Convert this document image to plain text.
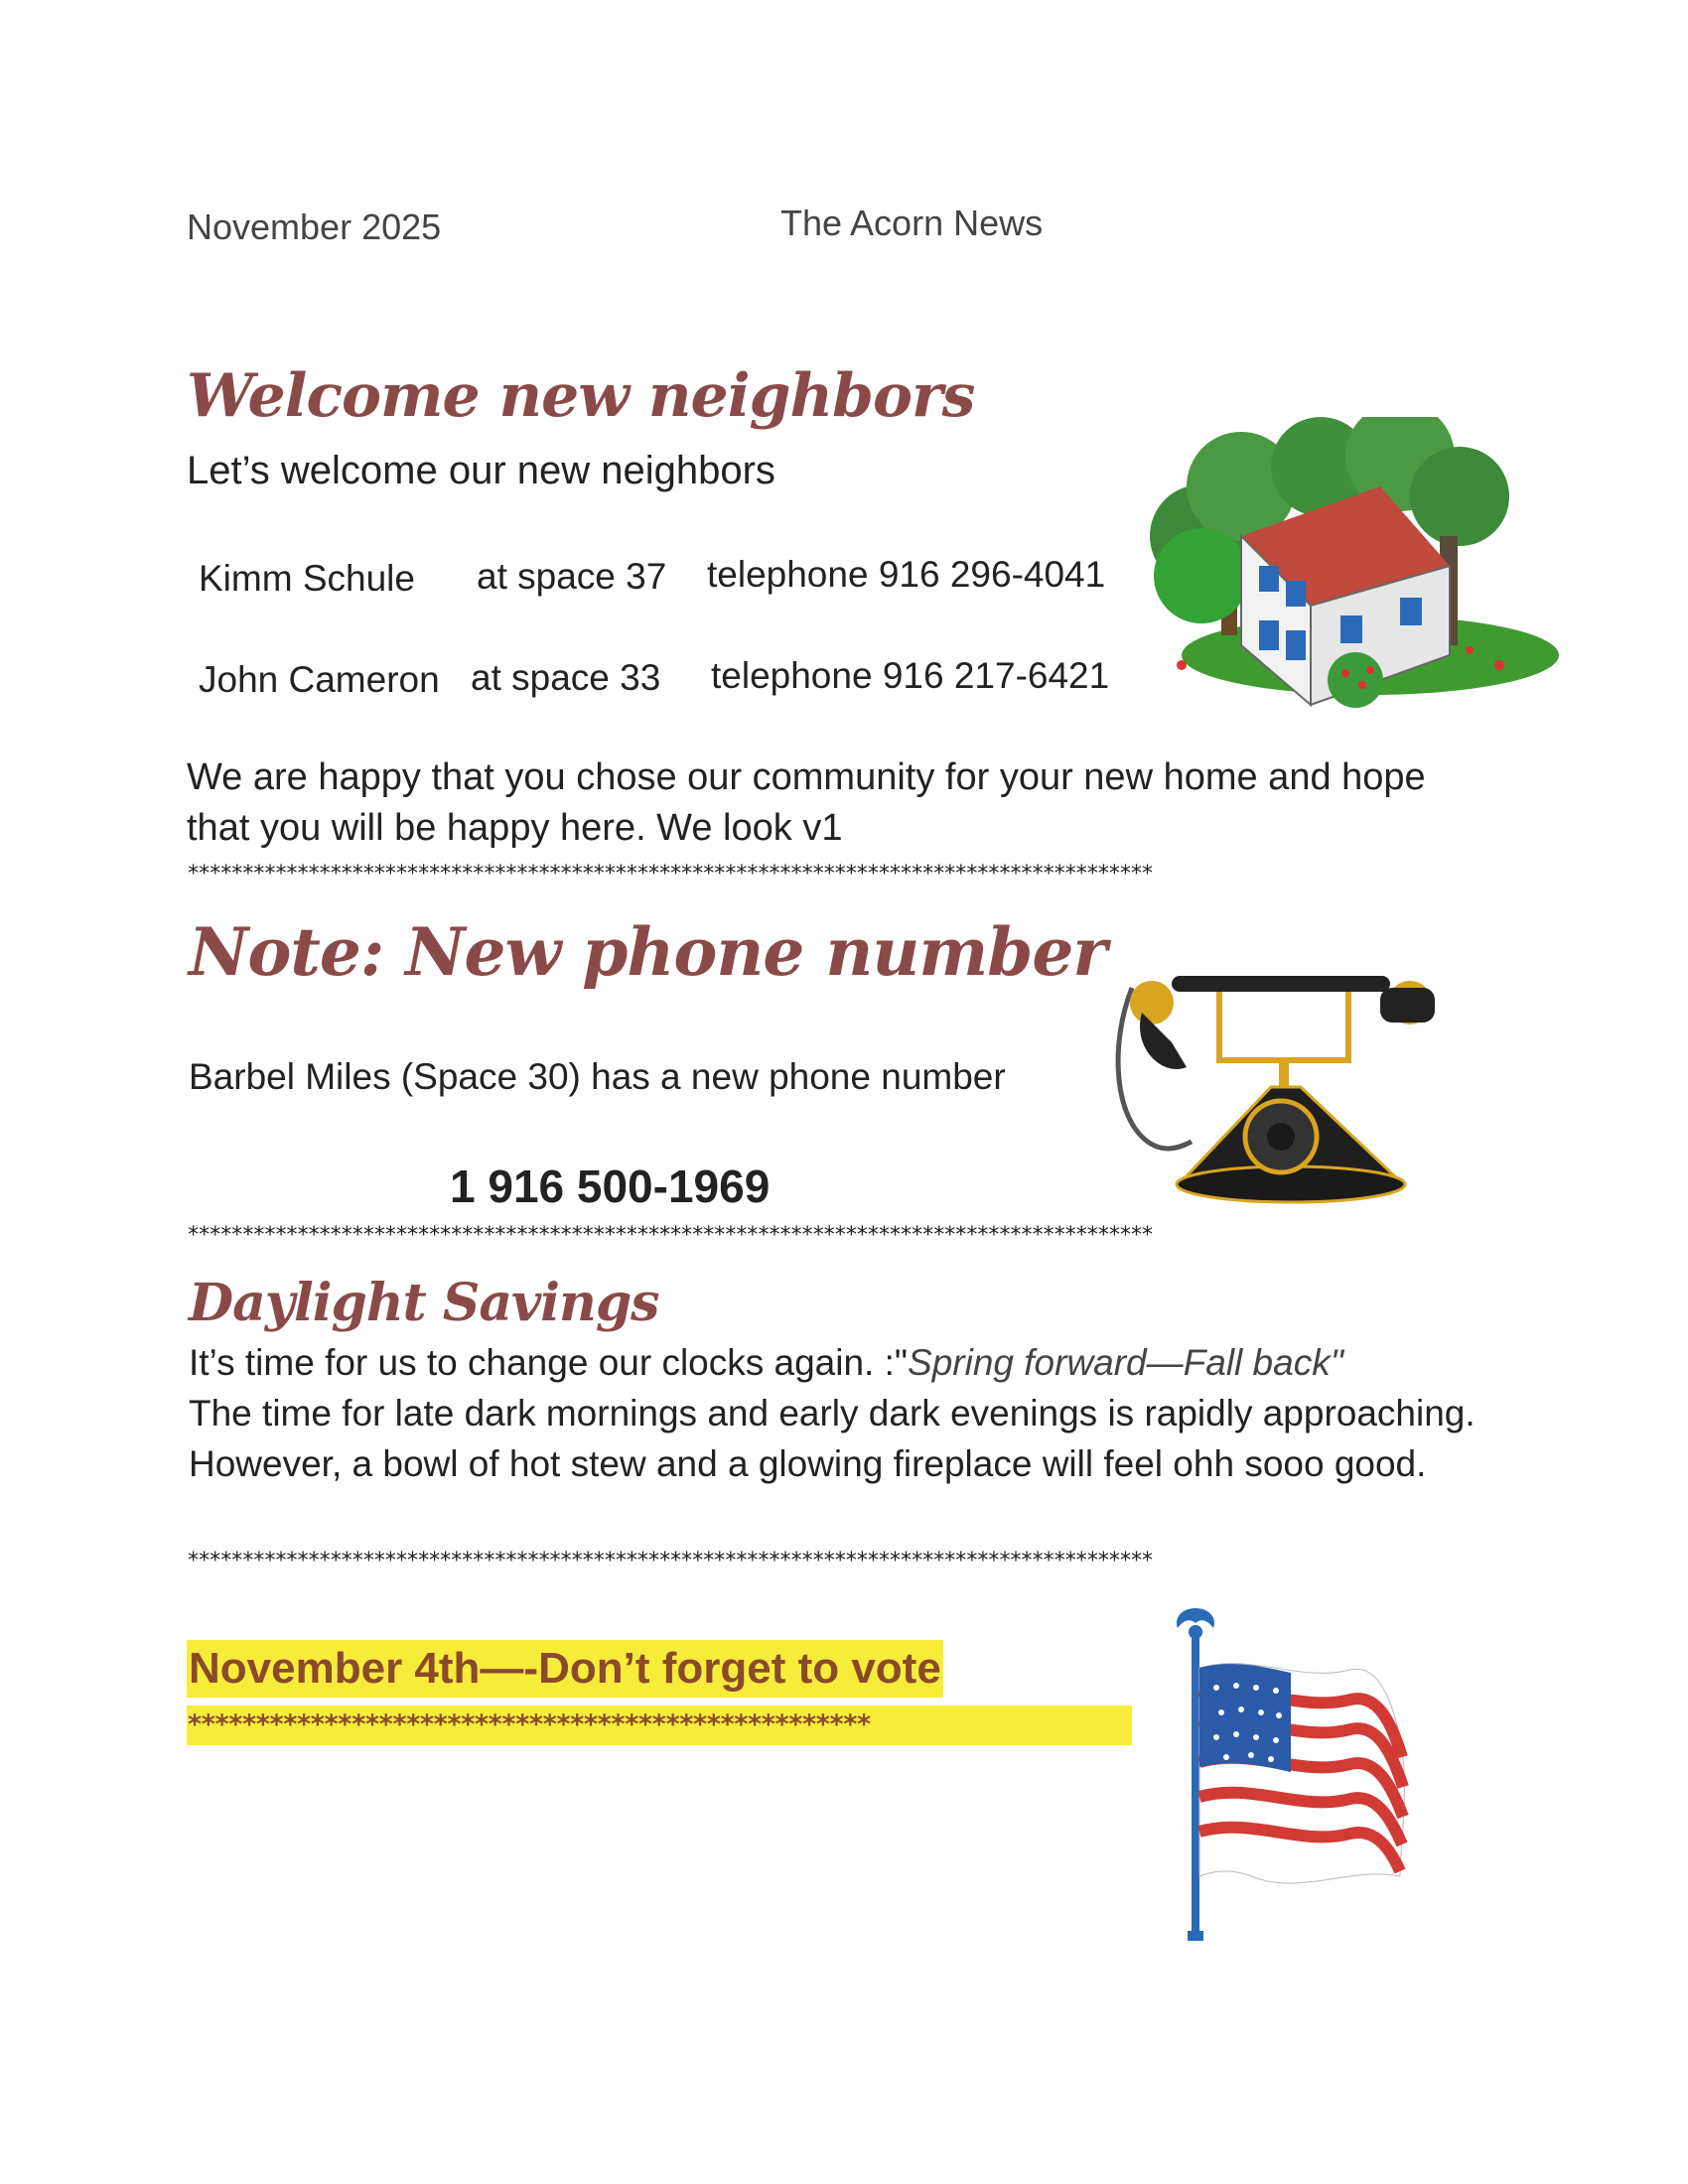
November 2025	The Acorn News
Welcome new neighbors
Let’s welcome our new neighbors
Kimm Schule at space 37 telephone 916 296-4041
John Cameron at space 33 telephone 916 217-6421
We are happy that you chose our community for your new home and hope that you will be happy here. We look v1
****************************************************************************************
Note: New phone number
Barbel Miles (Space 30) has a new phone number
1 916 500-1969
****************************************************************************************
Daylight Savings
It’s time for us to change our clocks again. :"Spring forward—Fall back"
The time for late dark mornings and early dark evenings is rapidly approaching. However, a bowl of hot stew and a glowing fireplace will feel ohh sooo good.
****************************************************************************************
November 4th—-Don’t forget to vote
**************************************************
